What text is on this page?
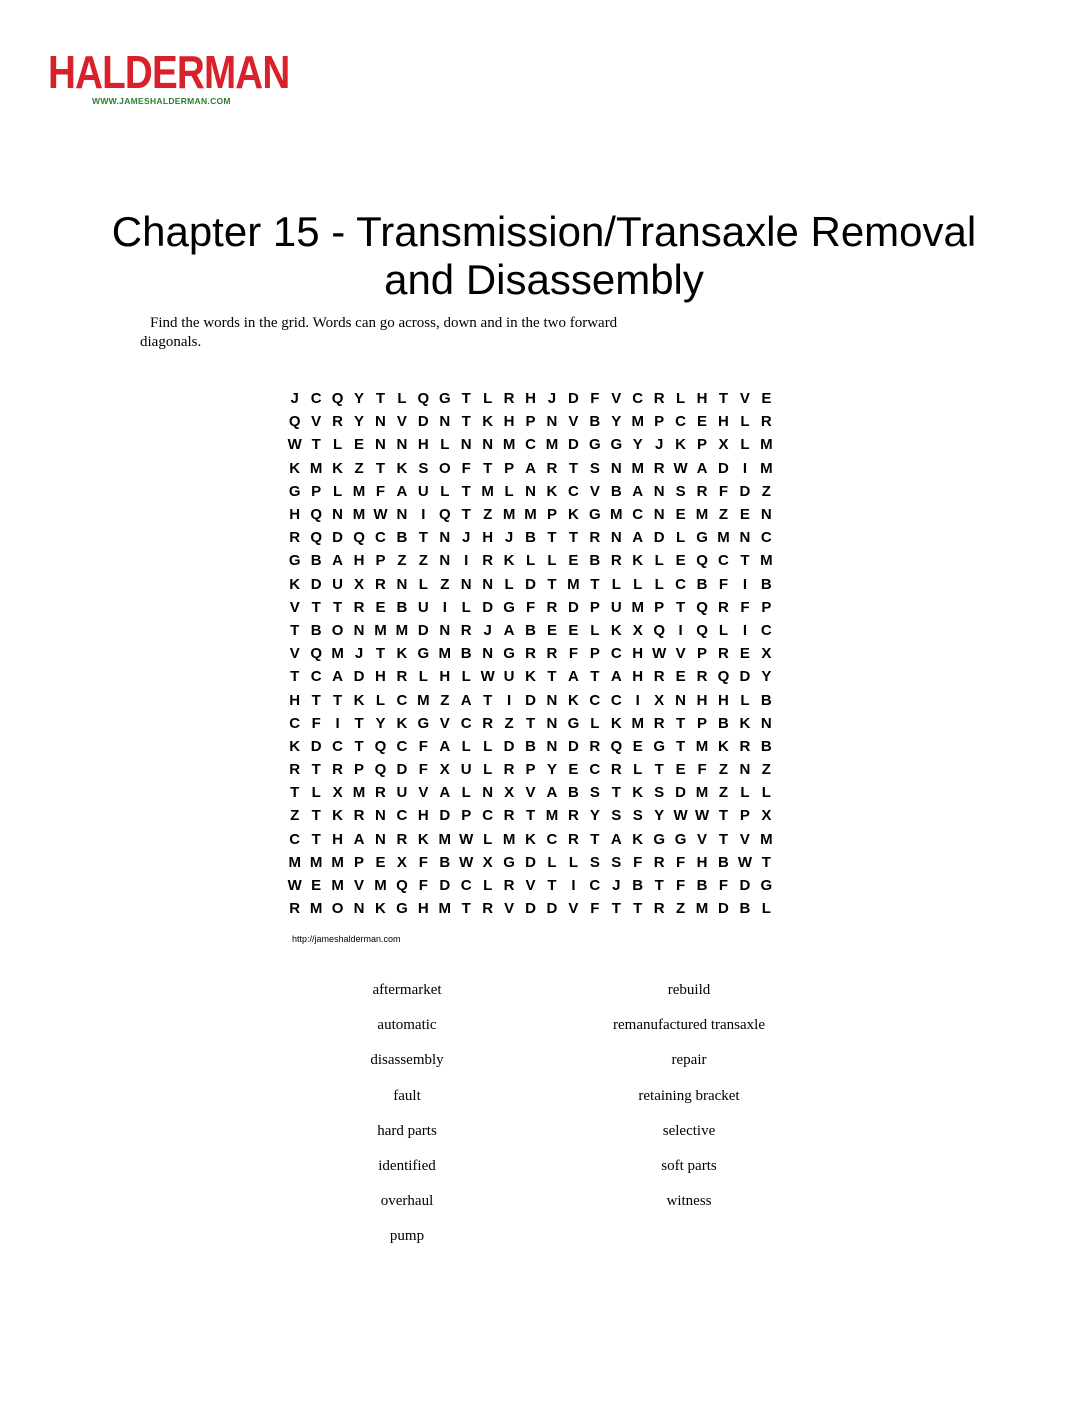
HALDERMAN
WWW.JAMESHALDERMAN.COM
Chapter 15 - Transmission/Transaxle Removal
and Disassembly
Find the words in the grid. Words can go across, down and in the two forward
diagonals.
J C Q Y T L Q G T L R H J D F V C R L H T V E
Q V R Y N V D N T K H P N V B Y M P C E H L R
W T L E N N H L N N M C M D G G Y J K P X L M
K M K Z T K S O F T P A R T S N M R W A D I M
G P L M F A U L T M L N K C V B A N S R F D Z
H Q N M W N I Q T Z M M P K G M C N E M Z E N
R Q D Q C B T N J H J B T T R N A D L G M N C
G B A H P Z Z N I R K L L E B R K L E Q C T M
K D U X R N L Z N N L D T M T L L L C B F I B
V T T R E B U I L D G F R D P U M P T Q R F P
T B O N M M D N R J A B E E L K X Q I Q L I C
V Q M J T K G M B N G R R F P C H W V P R E X
T C A D H R L H L W U K T A T A H R E R Q D Y
H T T K L C M Z A T I D N K C C I X N H H L B
C F I T Y K G V C R Z T N G L K M R T P B K N
K D C T Q C F A L L D B N D R Q E G T M K R B
R T R P Q D F X U L R P Y E C R L T E F Z N Z
T L X M R U V A L N X V A B S T K S D M Z L L
Z T K R N C H D P C R T M R Y S S Y W W T P X
C T H A N R K M W L M K C R T A K G G V T V M
M M M P E X F B W X G D L L S S F R F H B W T
W E M V M Q F D C L R V T I C J B T F B F D G
R M O N K G H M T R V D D V F T T R Z M D B L
http://jameshalderman.com
aftermarket
automatic
disassembly
fault
hard parts
identified
overhaul
pump
rebuild
remanufactured transaxle
repair
retaining bracket
selective
soft parts
witness
